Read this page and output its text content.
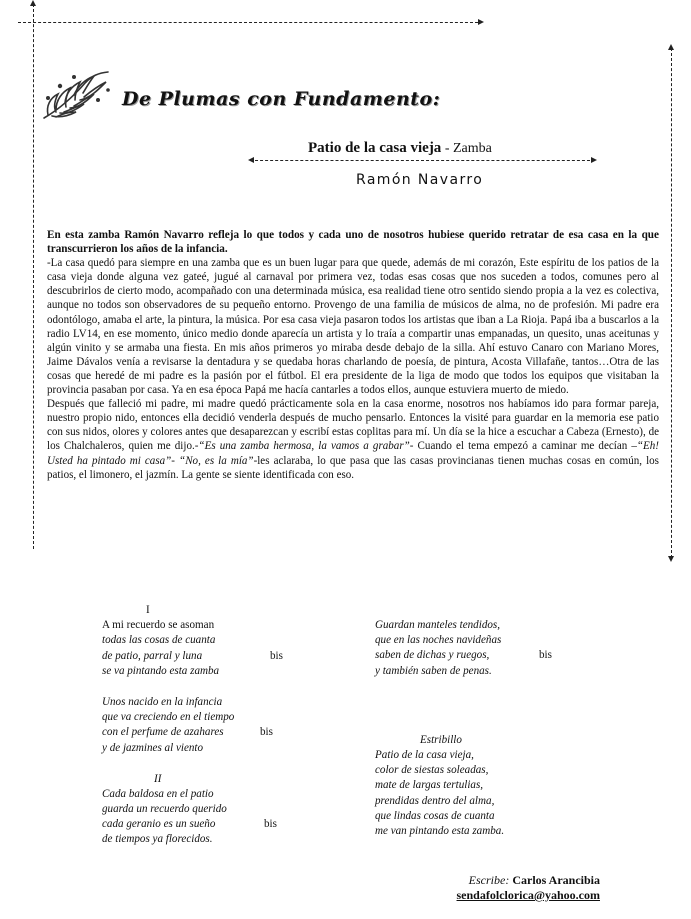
De Plumas con Fundamento:
Patio de la casa vieja - Zamba
Ramón Navarro

En esta zamba Ramón Navarro refleja lo que todos y cada uno de nosotros hubiese querido retratar de esa casa en la que transcurrieron los años de la infancia.

-La casa quedó para siempre en una zamba que es un buen lugar para que quede, además de mi corazón, Este espíritu de los patios de la casa vieja donde alguna vez gateé, jugué al carnaval por primera vez, todas esas cosas que nos suceden a todos, comunes pero al descubrirlos de cierto modo, acompañado con una determinada música, esa realidad tiene otro sentido siendo propia a la vez es colectiva, aunque no todos son observadores de su pequeño entorno. Provengo de una familia de músicos de alma, no de profesión. Mi padre era odontólogo, amaba el arte, la pintura, la música. Por esa casa vieja pasaron todos los artistas que iban a La Rioja. Papá iba a buscarlos a la radio LV14, en ese momento, único medio donde aparecía un artista y lo traía a compartir unas empanadas, un quesito, unas aceitunas y algún vinito y se armaba una fiesta. En mis años primeros yo miraba desde debajo de la silla. Ahí estuvo Canaro con Mariano Mores, Jaime Dávalos venía a revisarse la dentadura y se quedaba horas charlando de poesía, de pintura, Acosta Villafañe, tantos…Otra de las cosas que heredé de mi padre es la pasión por el fútbol. El era presidente de la liga de modo que todos los equipos que visitaban la provincia pasaban por casa. Ya en esa época Papá me hacía cantarles a todos ellos, aunque estuviera muerto de miedo.

Después que falleció mi padre, mi madre quedó prácticamente sola en la casa enorme, nosotros nos habíamos ido para formar pareja, nuestro propio nido, entonces ella decidió venderla después de mucho pensarlo. Entonces la visité para guardar en la memoria ese patio con sus nidos, olores y colores antes que desaparezcan y escribí estas coplitas para mí. Un día se la hice a escuchar a Cabeza (Ernesto), de los Chalchaleros, quien me dijo.-“Es una zamba hermosa, la vamos a grabar”- Cuando el tema empezó a caminar me decían –“Eh! Usted ha pintado mi casa”- “No, es la mía”-les aclaraba, lo que pasa que las casas provincianas tienen muchas cosas en común, los patios, el limonero, el jazmín. La gente se siente identificada con eso.

I
A mi recuerdo se asoman
todas las cosas de cuanta
de patio, parral y luna	bis
se va pintando esta zamba
Unos nacido en la infancia
que va creciendo en el tiempo
con el perfume de azahares	bis
y de jazmines al viento
II
Cada baldosa en el patio
guarda un recuerdo querido
cada geranio es un sueño	bis
de tiempos ya florecidos.
Guardan manteles tendidos,
que en las noches navideñas
saben de dichas y ruegos,	bis
y también saben de penas.
Estribillo
Patio de la casa vieja,
color de siestas soleadas,
mate de largas tertulias,
prendidas dentro del alma,
que lindas cosas de cuanta
me van pintando esta zamba.
Escribe: Carlos Arancibia
sendafolclorica@yahoo.com
